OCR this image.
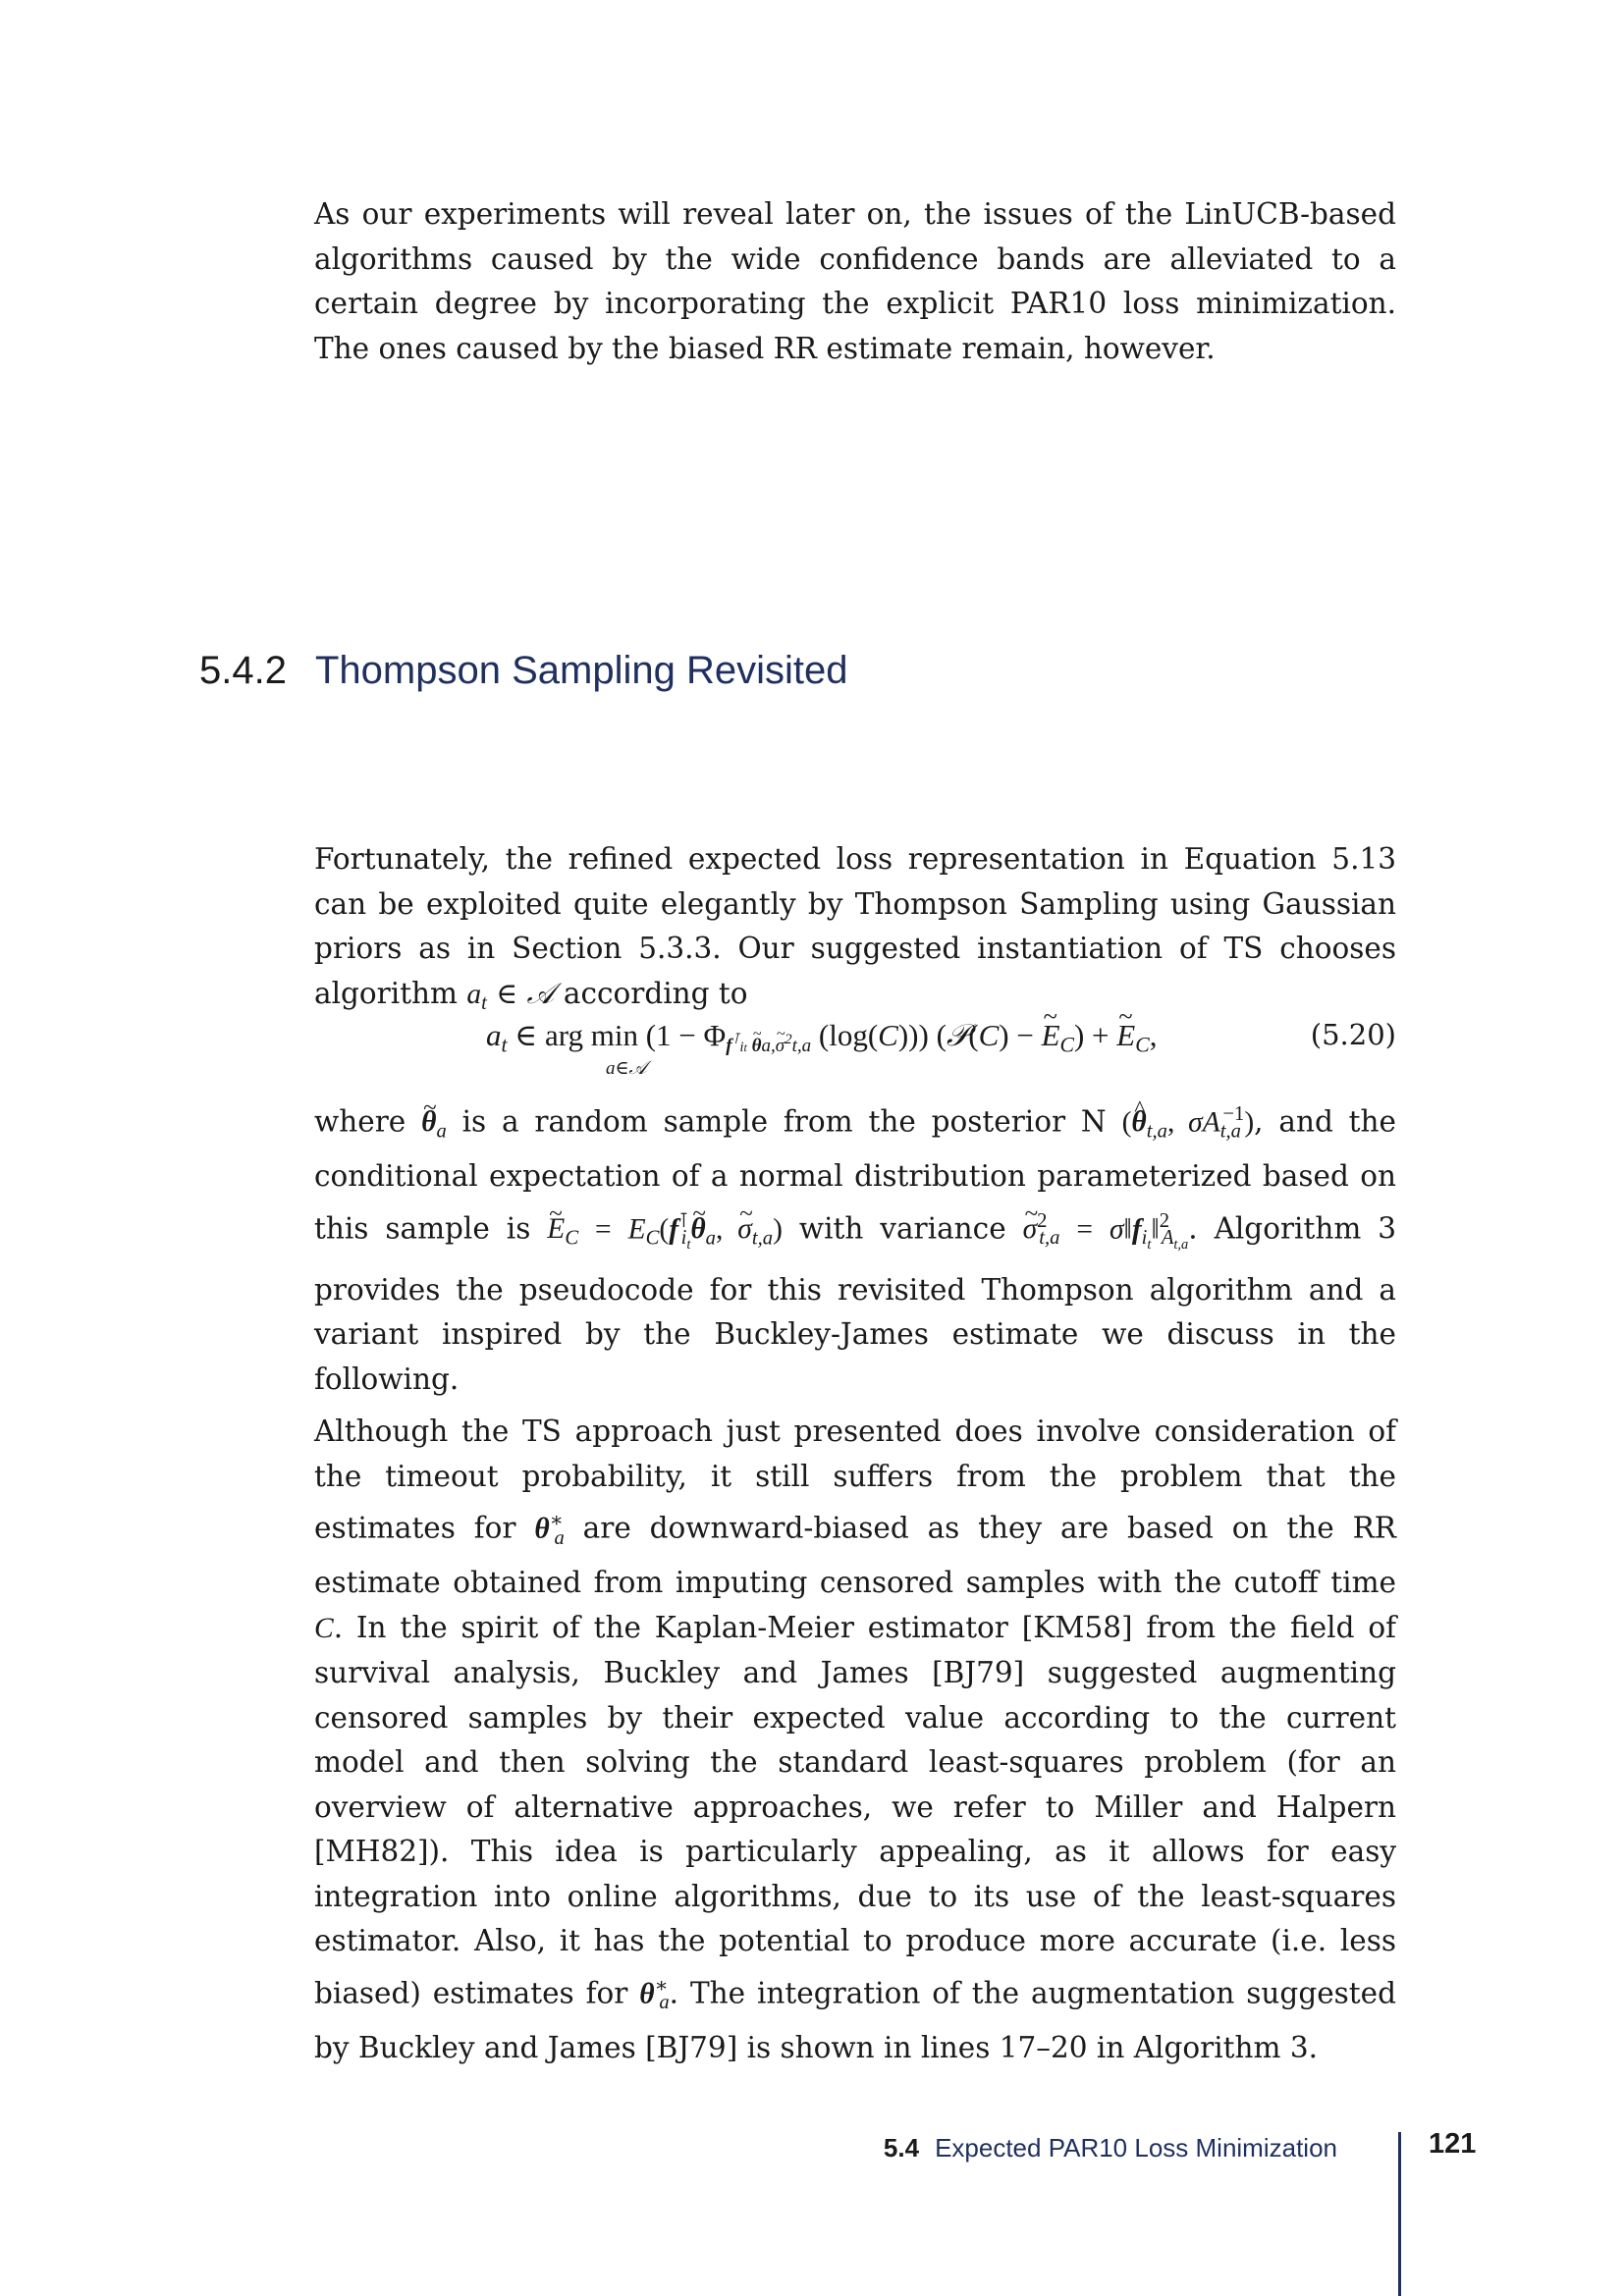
As our experiments will reveal later on, the issues of the LinUCB-based algorithms caused by the wide confidence bands are alleviated to a certain degree by incorporating the explicit PAR10 loss minimization. The ones caused by the biased RR estimate remain, however.

5.4.2 Thompson Sampling Revisited

Fortunately, the refined expected loss representation in Equation 5.13 can be exploited quite elegantly by Thompson Sampling using Gaussian priors as in Section 5.3.3. Our suggested instantiation of TS chooses algorithm $a_t$ ∈ 𝒜 according to

$a_t$ ∈ arg min
a∈𝒜
($1 - \Phi_{f^⊺it \sim \theta a,\sim \sigma^2t,a}$ (log(C))) (𝒫(C) − ~ $E_C$) + ~ $E_C$,	(5.20)

where ~ $\theta_a$ is a random sample from the posterior N (^ $\theta_{t,a}$, $\sigma A_{t,a}^{-1}$), and the conditional expectation of a normal distribution parameterized based on this sample is ~ $E_C$ = $E_C(f^⊺_{i_t}\sim$ $\theta_a$, ~ $\sigma_{t,a}$) with variance ~ $\sigma^2_{t,a}$ = $\sigma‖f_{i_t}‖^2_{A_{t,a}}$. Algorithm 3 provides the pseudocode for this revisited Thompson algorithm and a variant inspired by the Buckley-James estimate we discuss in the following.

Although the TS approach just presented does involve consideration of the timeout probability, it still suffers from the problem that the estimates for $\theta^∗_a$ are downward-biased as they are based on the RR estimate obtained from imputing censored samples with the cutoff time C. In the spirit of the Kaplan-Meier estimator [KM58] from the field of survival analysis, Buckley and James [BJ79] suggested augmenting censored samples by their expected value according to the current model and then solving the standard least-squares problem (for an overview of alternative approaches, we refer to Miller and Halpern [MH82]). This idea is particularly appealing, as it allows for easy integration into online algorithms, due to its use of the least-squares estimator. Also, it has the potential to produce more accurate (i.e. less biased) estimates for $\theta^∗_a$. The integration of the augmentation suggested by Buckley and James [BJ79] is shown in lines 17–20 in Algorithm 3.

5.4 Expected PAR10 Loss Minimization	121
